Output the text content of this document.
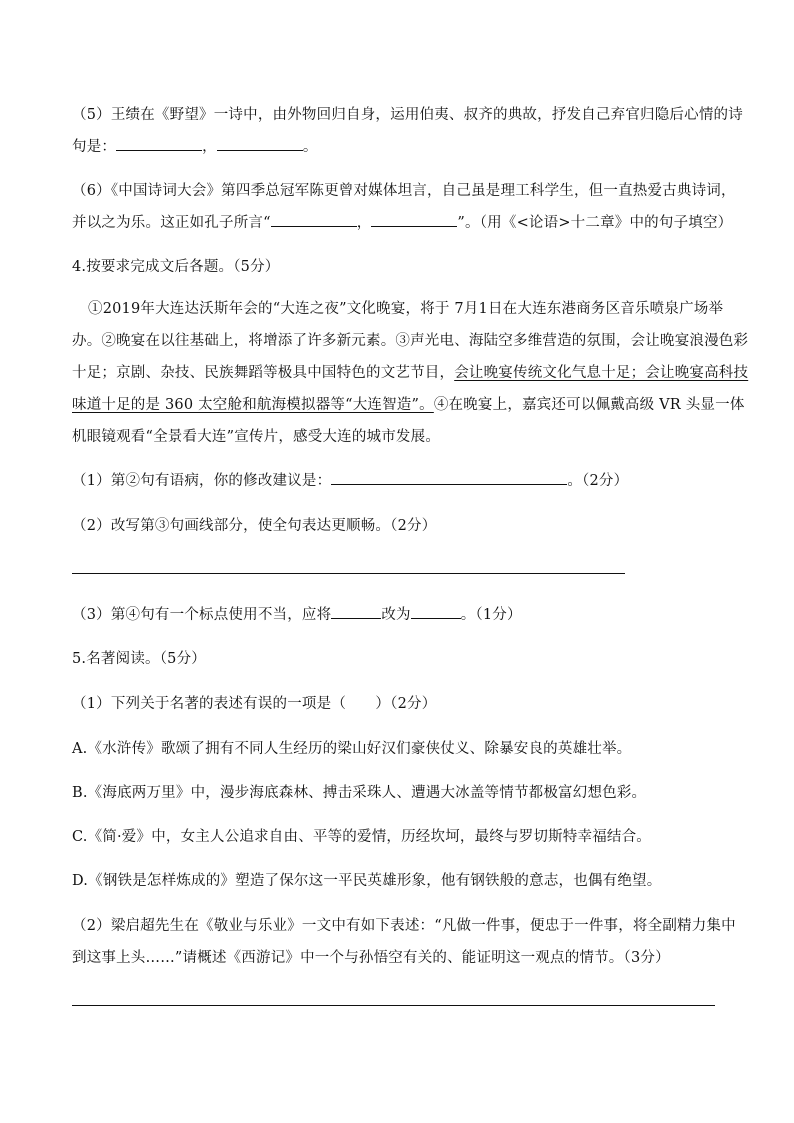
（5）王绩在《野望》一诗中，由外物回归自身，运用伯夷、叔齐的典故，抒发自己弃官归隐后心情的诗
句是：	，	。
（6）《中国诗词大会》第四季总冠军陈更曾对媒体坦言，自己虽是理工科学生，但一直热爱古典诗词，
并以之为乐。这正如孔子所言“	，	”。（用《<论语>十二章》中的句子填空）
4.按要求完成文后各题。（5分）
①2019年大连达沃斯年会的“大连之夜”文化晚宴，将于 7月1日在大连东港商务区音乐喷泉广场举
办。②晚宴在以往基础上，将增添了许多新元素。③声光电、海陆空多维营造的氛围，会让晚宴浪漫色彩
十足；京剧、杂技、民族舞蹈等极具中国特色的文艺节目，会让晚宴传统文化气息十足；会让晚宴高科技
味道十足的是 360 太空舱和航海模拟器等“大连智造”。④在晚宴上，嘉宾还可以佩戴高级 VR 头显一体
机眼镜观看“全景看大连”宣传片，感受大连的城市发展。
（1）第②句有语病，你的修改建议是：	。（2分）
（2）改写第③句画线部分，使全句表达更顺畅。（2分）
（3）第④句有一个标点使用不当，应将	改为	。（1分）
5.名著阅读。（5分）
（1）下列关于名著的表述有误的一项是（　　）（2分）
A.《水浒传》歌颂了拥有不同人生经历的梁山好汉们豪侠仗义、除暴安良的英雄壮举。
B.《海底两万里》中，漫步海底森林、搏击采珠人、遭遇大冰盖等情节都极富幻想色彩。
C.《简·爱》中，女主人公追求自由、平等的爱情，历经坎坷，最终与罗切斯特幸福结合。
D.《钢铁是怎样炼成的》塑造了保尔这一平民英雄形象，他有钢铁般的意志，也偶有绝望。
（2）梁启超先生在《敬业与乐业》一文中有如下表述：“凡做一件事，便忠于一件事，将全副精力集中
到这事上头……”请概述《西游记》中一个与孙悟空有关的、能证明这一观点的情节。（3分）
